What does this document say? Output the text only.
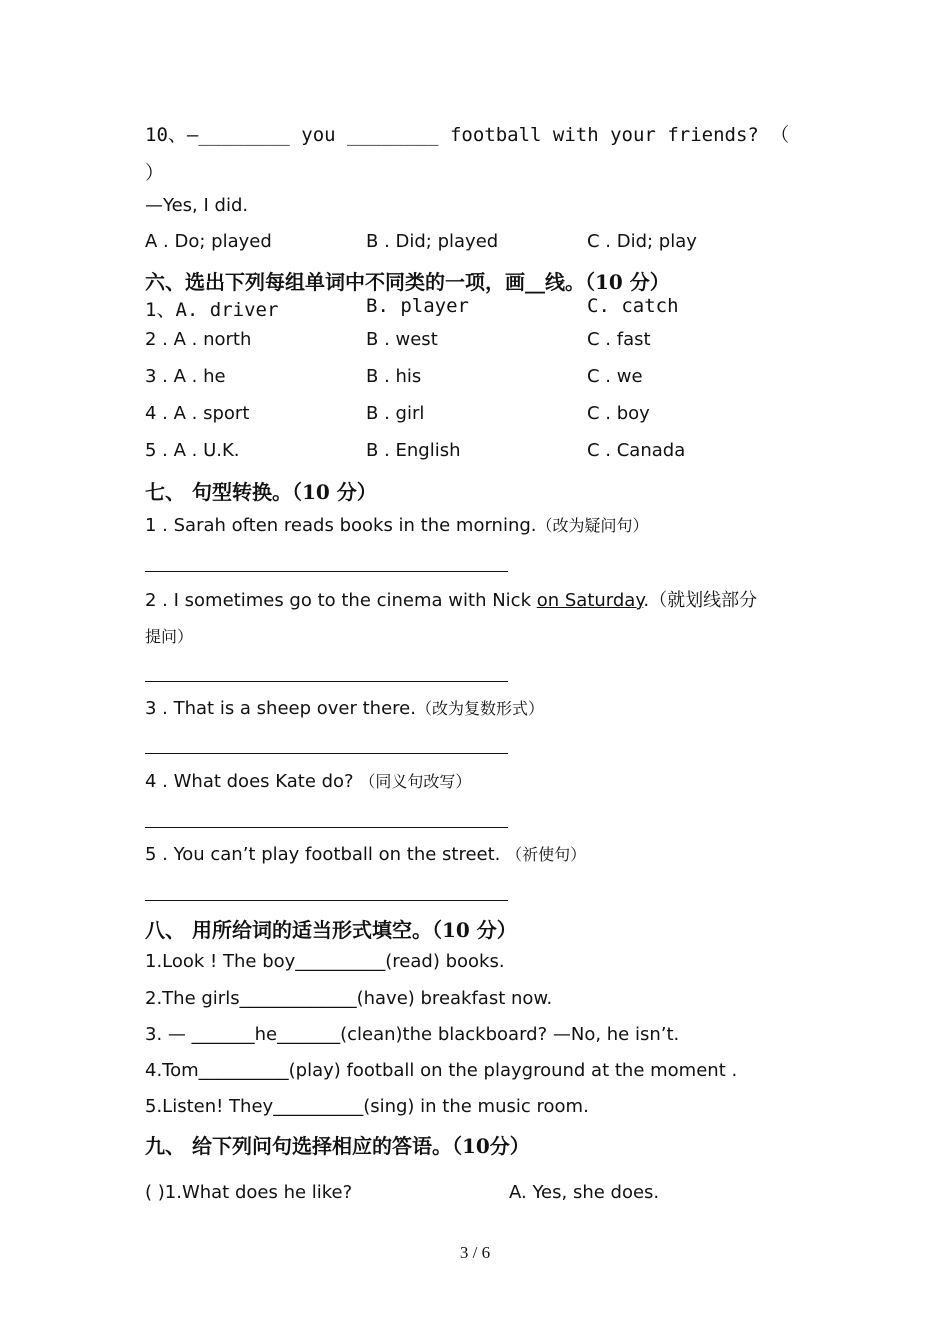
10、—________ you ________ football with your friends? （
）
—Yes, I did.
A . Do; played	B . Did; played	C . Did; play
六、选出下列每组单词中不同类的一项，画__线。（10 分）
1、A. driver	B. player	C. catch
2 . A . north	B . west	C . fast
3 . A . he	B . his	C . we
4 . A . sport	B . girl	C . boy
5 . A . U.K.	B . English	C . Canada
七、 句型转换。（10 分）
1 . Sarah often reads books in the morning.（改为疑问句）
2 . I sometimes go to the cinema with Nick on Saturday.（就划线部分
提问）
3 . That is a sheep over there.（改为复数形式）
4 . What does Kate do? （同义句改写）
5 . You can’t play football on the street. （祈使句）
八、 用所给词的适当形式填空。（10 分）
1.Look ! The boy__________(read) books.
2.The girls_____________(have) breakfast now.
3. — _______he_______(clean)the blackboard? —No, he isn’t.
4.Tom__________(play) football on the playground at the moment .
5.Listen! They__________(sing) in the music room.
九、 给下列问句选择相应的答语。（10分）
( )1.What does he like?	A. Yes, she does.
3 / 6
